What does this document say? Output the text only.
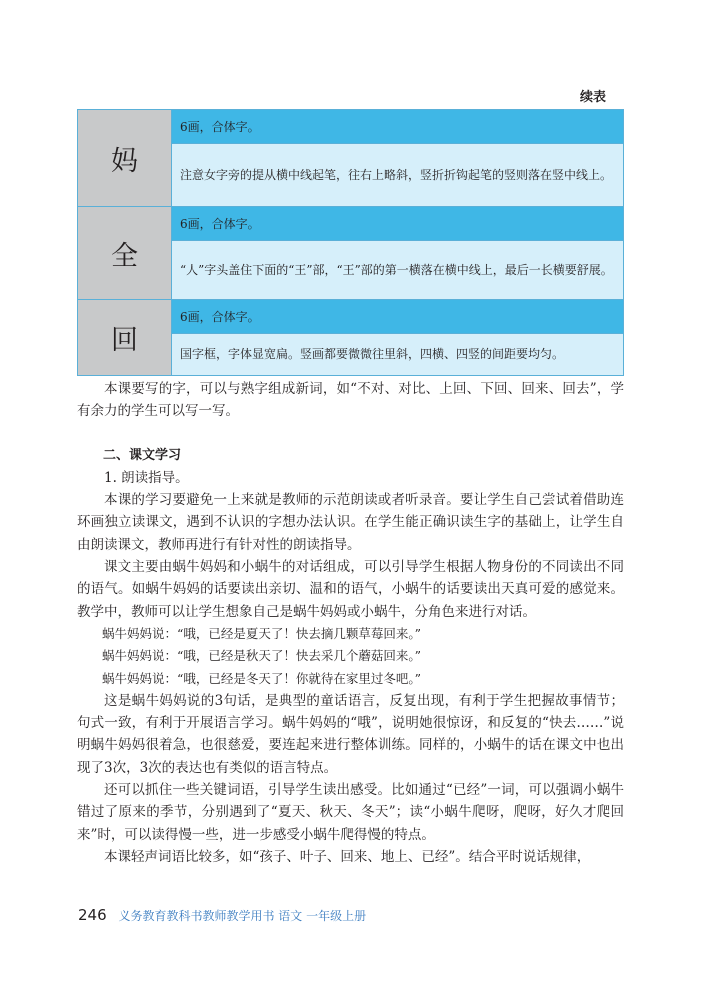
续表
妈	6画，合体字。
	注意女字旁的提从横中线起笔，往右上略斜，竖折折钩起笔的竖则落在竖中线上。
全	6画，合体字。
	“人”字头盖住下面的“王”部，“王”部的第一横落在横中线上，最后一长横要舒展。
回	6画，合体字。
	国字框，字体显宽扁。竖画都要微微往里斜，四横、四竖的间距要均匀。

本课要写的字，可以与熟字组成新词，如“不对、对比、上回、下回、回来、回去”，学有余力的学生可以写一写。

二、课文学习

1. 朗读指导。

本课的学习要避免一上来就是教师的示范朗读或者听录音。要让学生自己尝试着借助连环画独立读课文，遇到不认识的字想办法认识。在学生能正确识读生字的基础上，让学生自由朗读课文，教师再进行有针对性的朗读指导。

课文主要由蜗牛妈妈和小蜗牛的对话组成，可以引导学生根据人物身份的不同读出不同的语气。如蜗牛妈妈的话要读出亲切、温和的语气，小蜗牛的话要读出天真可爱的感觉来。教学中，教师可以让学生想象自己是蜗牛妈妈或小蜗牛，分角色来进行对话。

蜗牛妈妈说：“哦，已经是夏天了！快去摘几颗草莓回来。”

蜗牛妈妈说：“哦，已经是秋天了！快去采几个蘑菇回来。”

蜗牛妈妈说：“哦，已经是冬天了！你就待在家里过冬吧。”

这是蜗牛妈妈说的3句话，是典型的童话语言，反复出现，有利于学生把握故事情节；句式一致，有利于开展语言学习。蜗牛妈妈的“哦”，说明她很惊讶，和反复的“快去……”说明蜗牛妈妈很着急，也很慈爱，要连起来进行整体训练。同样的，小蜗牛的话在课文中也出现了3次，3次的表达也有类似的语言特点。

还可以抓住一些关键词语，引导学生读出感受。比如通过“已经”一词，可以强调小蜗牛错过了原来的季节，分别遇到了“夏天、秋天、冬天”；读“小蜗牛爬呀，爬呀，好久才爬回来”时，可以读得慢一些，进一步感受小蜗牛爬得慢的特点。

本课轻声词语比较多，如“孩子、叶子、回来、地上、已经”。结合平时说话规律，

246 义务教育教科书教师教学用书 语文 一年级上册
